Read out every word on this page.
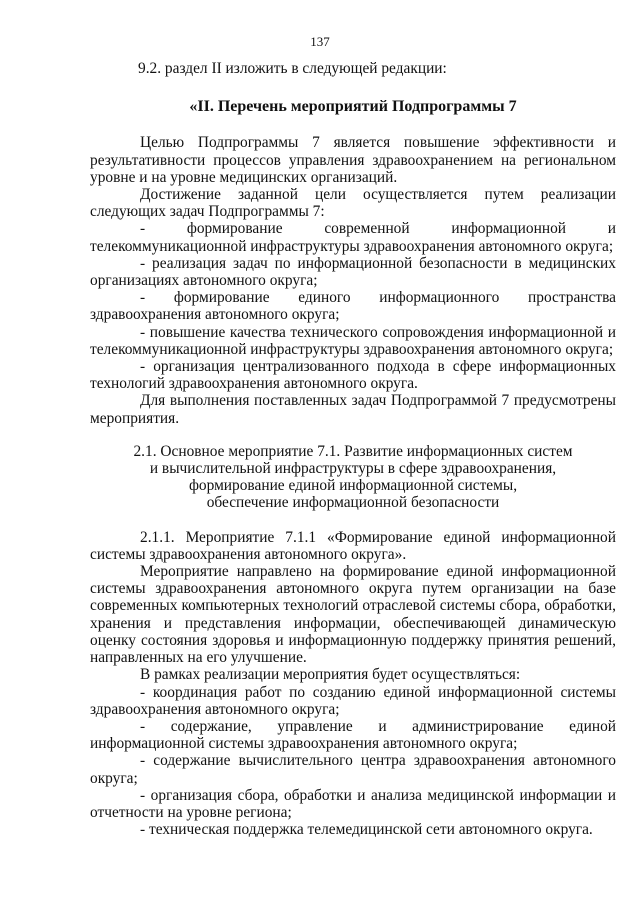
137

9.2. раздел II изложить в следующей редакции:

«II. Перечень мероприятий Подпрограммы 7

Целью Подпрограммы 7 является повышение эффективности и результативности процессов управления здравоохранением на региональном уровне и на уровне медицинских организаций.

Достижение заданной цели осуществляется путем реализации следующих задач Подпрограммы 7:

- формирование современной информационной и телекоммуникационной инфраструктуры здравоохранения автономного округа;

- реализация задач по информационной безопасности в медицинских организациях автономного округа;

- формирование единого информационного пространства здравоохранения автономного округа;

- повышение качества технического сопровождения информационной и телекоммуникационной инфраструктуры здравоохранения автономного округа;

- организация централизованного подхода в сфере информационных технологий здравоохранения автономного округа.

Для выполнения поставленных задач Подпрограммой 7 предусмотрены мероприятия.

2.1. Основное мероприятие 7.1. Развитие информационных систем
и вычислительной инфраструктуры в сфере здравоохранения,
формирование единой информационной системы,
обеспечение информационной безопасности

2.1.1. Мероприятие 7.1.1 «Формирование единой информационной системы здравоохранения автономного округа».

Мероприятие направлено на формирование единой информационной системы здравоохранения автономного округа путем организации на базе современных компьютерных технологий отраслевой системы сбора, обработки, хранения и представления информации, обеспечивающей динамическую оценку состояния здоровья и информационную поддержку принятия решений, направленных на его улучшение.

В рамках реализации мероприятия будет осуществляться:

- координация работ по созданию единой информационной системы здравоохранения автономного округа;

- содержание, управление и администрирование единой информационной системы здравоохранения автономного округа;

- содержание вычислительного центра здравоохранения автономного округа;

- организация сбора, обработки и анализа медицинской информации и отчетности на уровне региона;

- техническая поддержка телемедицинской сети автономного округа.
